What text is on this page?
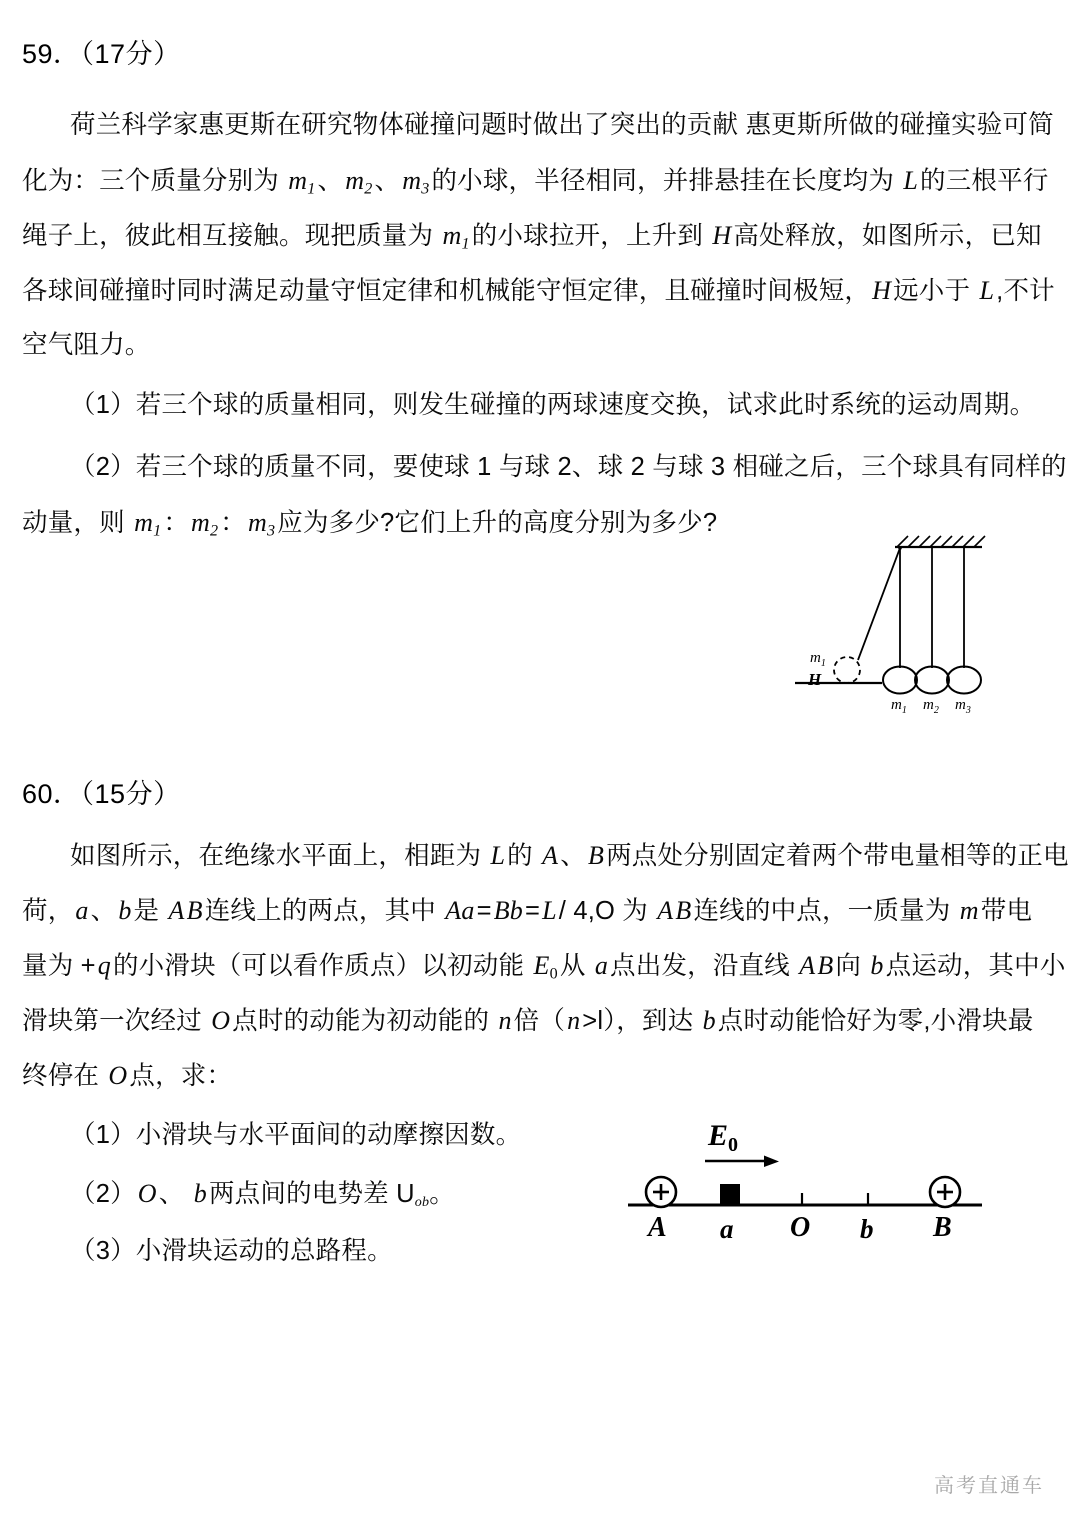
59．（17分）
荷兰科学家惠更斯在研究物体碰撞问题时做出了突出的贡献 惠更斯所做的碰撞实验可简
化为：三个质量分别为 $m_1$、$m_2$、$m_3$的小球，半径相同，并排悬挂在长度均为 L的三根平行
绳子上，彼此相互接触。现把质量为 $m_1$的小球拉开，上升到 H高处释放，如图所示，已知
各球间碰撞时同时满足动量守恒定律和机械能守恒定律，且碰撞时间极短，H远小于 L,不计
空气阻力。
（1）若三个球的质量相同，则发生碰撞的两球速度交换，试求此时系统的运动周期。
（2）若三个球的质量不同，要使球 1 与球 2、球 2 与球 3 相碰之后，三个球具有同样的
动量，则 $m_1$：$m_2$：$m_3$应为多少?它们上升的高度分别为多少?
$m_1$
H
$m_1$ $m_2$ $m_3$
60．（15分）
如图所示，在绝缘水平面上，相距为 L的 A、B两点处分别固定着两个带电量相等的正电
荷，a、b是 AB连线上的两点，其中 Aa=Bb=L/ 4,O 为 AB连线的中点，一质量为 m带电
量为 +q的小滑块（可以看作质点）以初动能 $E_0$从 a点出发，沿直线 AB向 b点运动，其中小
滑块第一次经过 O点时的动能为初动能的 n倍（n>l），到达 b点时动能恰好为零,小滑块最
终停在 O点，求：
（1）小滑块与水平面间的动摩擦因数。
（2）O、 b两点间的电势差 $U_{ob}$。
（3）小滑块运动的总路程。
$E_0$
A a O b B
高考直通车
